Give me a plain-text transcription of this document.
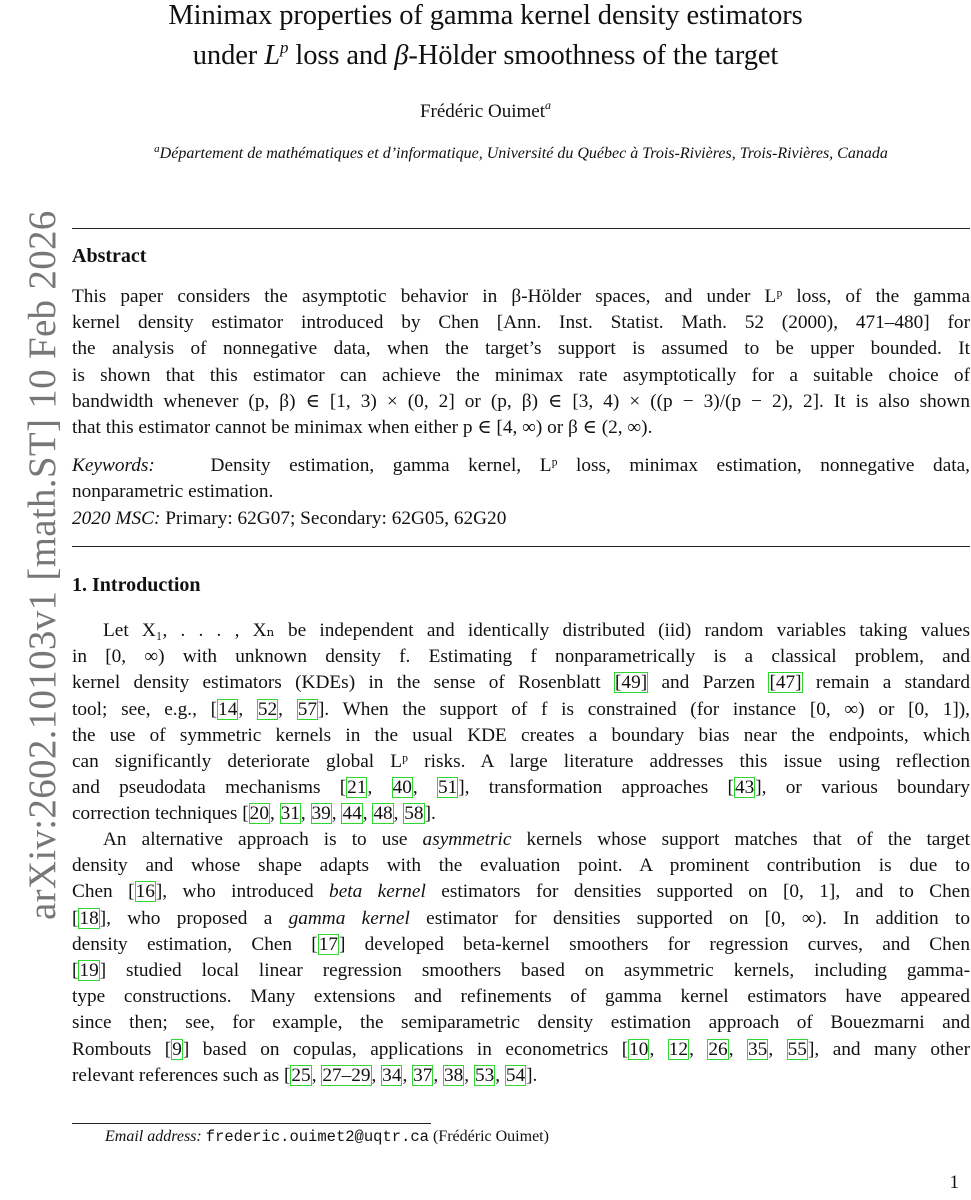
arXiv:2602.10103v1 [math.ST] 10 Feb 2026
Minimax properties of gamma kernel density estimators
under $L^p$ loss and β-Hölder smoothness of the target
Frédéric Ouimet$^a$
$^a$Département de mathématiques et d’informatique, Université du Québec à Trois-Rivières, Trois-Rivières, Canada
Abstract
This paper considers the asymptotic behavior in β-Hölder spaces, and under Lᵖ loss, of the gamma
kernel density estimator introduced by Chen [Ann. Inst. Statist. Math. 52 (2000), 471–480] for
the analysis of nonnegative data, when the target’s support is assumed to be upper bounded. It
is shown that this estimator can achieve the minimax rate asymptotically for a suitable choice of
bandwidth whenever (p, β) ∈ [1, 3) × (0, 2] or (p, β) ∈ [3, 4) × ((p − 3)/(p − 2), 2]. It is also shown
that this estimator cannot be minimax when either p ∈ [4, ∞) or β ∈ (2, ∞).
Keywords:	Density estimation, gamma kernel, Lᵖ loss, minimax estimation, nonnegative data,
nonparametric estimation.
2020 MSC: Primary: 62G07; Secondary: 62G05, 62G20
1. Introduction
Let X₁, . . . , Xₙ be independent and identically distributed (iid) random variables taking values
in [0, ∞) with unknown density f. Estimating f nonparametrically is a classical problem, and
kernel density estimators (KDEs) in the sense of Rosenblatt [49] and Parzen [47] remain a standard
tool; see, e.g., [14, 52, 57]. When the support of f is constrained (for instance [0, ∞) or [0, 1]),
the use of symmetric kernels in the usual KDE creates a boundary bias near the endpoints, which
can significantly deteriorate global Lᵖ risks. A large literature addresses this issue using reflection
and pseudodata mechanisms [21, 40, 51], transformation approaches [43], or various boundary
correction techniques [20, 31, 39, 44, 48, 58].
An alternative approach is to use asymmetric kernels whose support matches that of the target
density and whose shape adapts with the evaluation point. A prominent contribution is due to
Chen [16], who introduced beta kernel estimators for densities supported on [0, 1], and to Chen
[18], who proposed a gamma kernel estimator for densities supported on [0, ∞). In addition to
density estimation, Chen [17] developed beta-kernel smoothers for regression curves, and Chen
[19] studied local linear regression smoothers based on asymmetric kernels, including gamma-
type constructions. Many extensions and refinements of gamma kernel estimators have appeared
since then; see, for example, the semiparametric density estimation approach of Bouezmarni and
Rombouts [9] based on copulas, applications in econometrics [10, 12, 26, 35, 55], and many other
relevant references such as [25, 27–29, 34, 37, 38, 53, 54].
Email address: frederic.ouimet2@uqtr.ca (Frédéric Ouimet)
1
